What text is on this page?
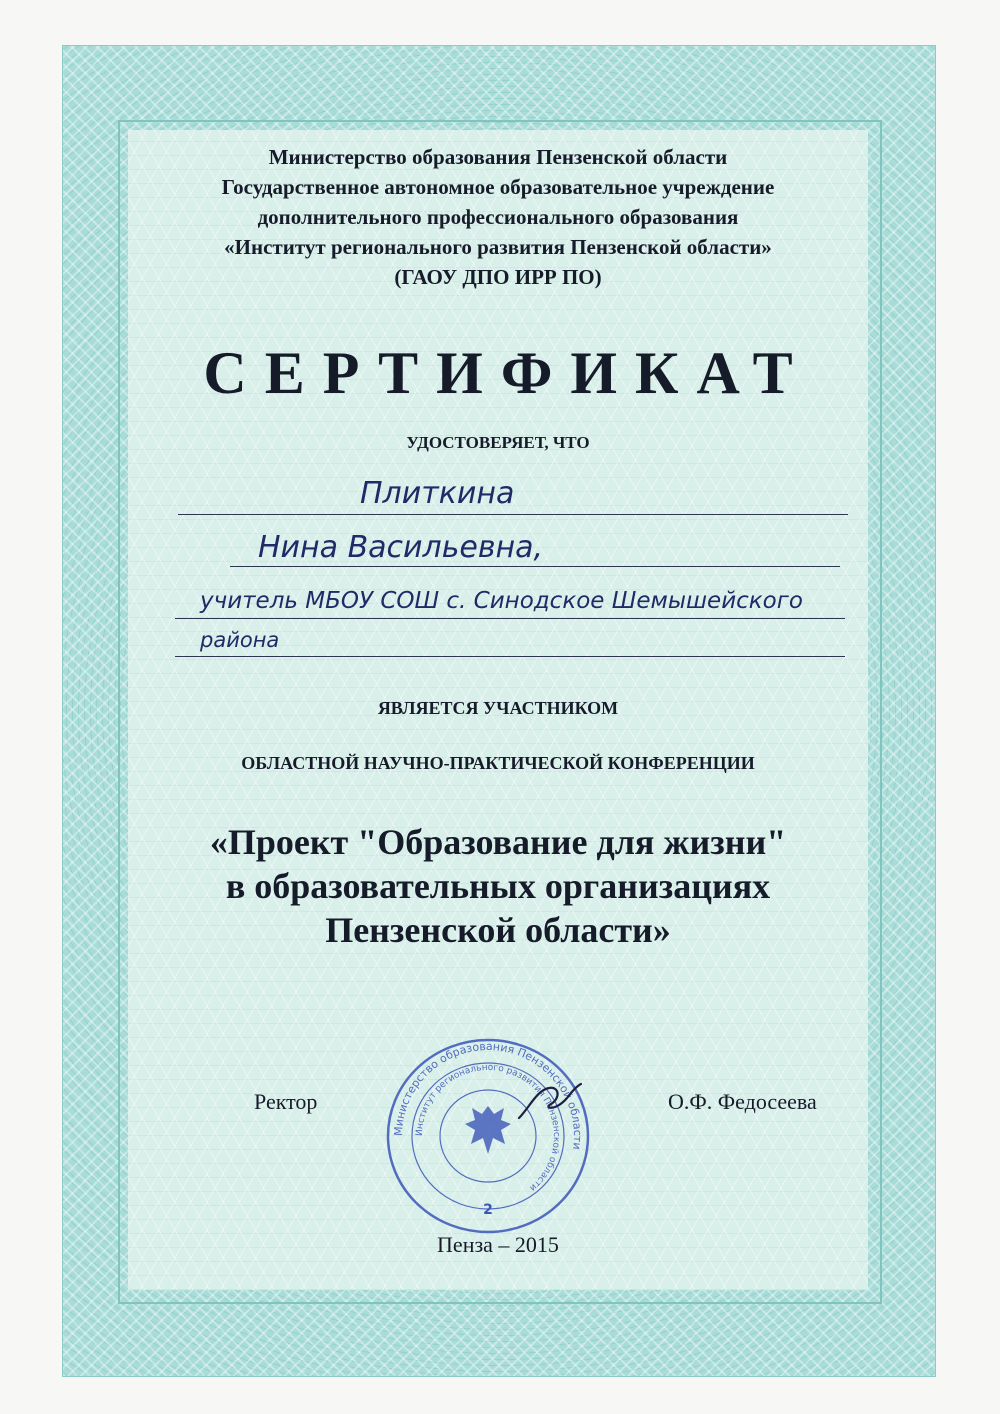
Министерство образования Пензенской области
Государственное автономное образовательное учреждение
дополнительного профессионального образования
«Институт регионального развития Пензенской области»
(ГАОУ ДПО ИРР ПО)
СЕРТИФИКАТ
УДОСТОВЕРЯЕТ, ЧТО
Плиткина
Нина Васильевна,
учитель МБОУ СОШ с. Синодское Шемышейского
района
ЯВЛЯЕТСЯ УЧАСТНИКОМ
ОБЛАСТНОЙ НАУЧНО-ПРАКТИЧЕСКОЙ КОНФЕРЕНЦИИ
«Проект "Образование для жизни"
в образовательных организациях
Пензенской области»
Ректор	О.Ф. Федосеева
Министерство образования Пензенской области
Институт регионального развития Пензенской области
2
Пенза – 2015
